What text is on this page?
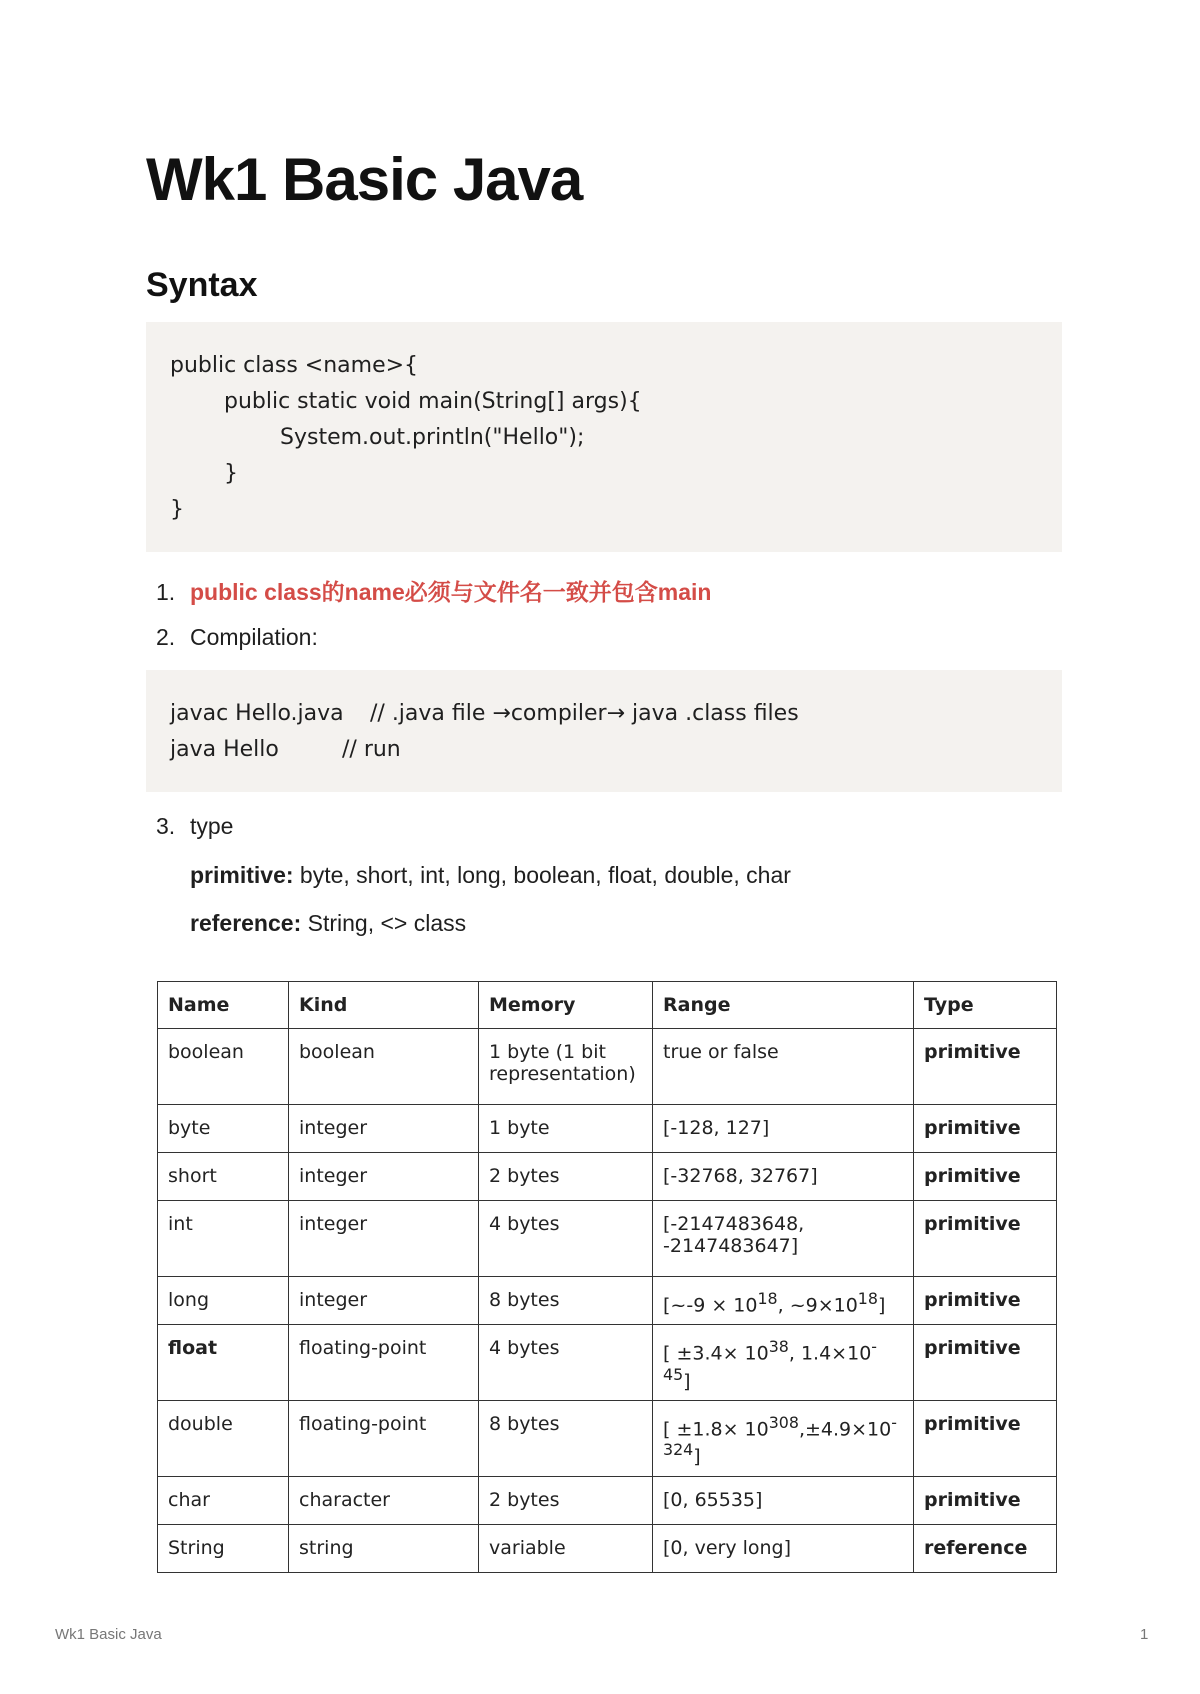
Wk1 Basic Java
Syntax
public class <name>{
public static void main(String[] args){
System.out.println("Hello");
}
}
1. public class的name必须与文件名一致并包含main
2. Compilation:
javac Hello.java // .java file →compiler→ java .class files
java Hello	// run
3. type
primitive: byte, short, int, long, boolean, float, double, char
reference: String, <> class
Name	Kind	Memory	Range	Type
boolean	boolean	1 byte (1 bit representation)	true or false	primitive
byte	integer	1 byte	[-128, 127]	primitive
short	integer	2 bytes	[-32768, 32767]	primitive
int	integer	4 bytes	[-2147483648, -2147483647]	primitive
long	integer	8 bytes	[~-9 × $10^{18}$, $\sim 9\times 10^{18}$]	primitive
float	floating-point	4 bytes	[ $\pm 3.4\times 10^{38}$, $1.4\times 10^{-45}$]	primitive
double	floating-point	8 bytes	[ $\pm 1.8\times 10^{308},\pm 4.9\times 10^{-324}$]	primitive
char	character	2 bytes	[0, 65535]	primitive
String	string	variable	[0, very long]	reference
Wk1 Basic Java	1
